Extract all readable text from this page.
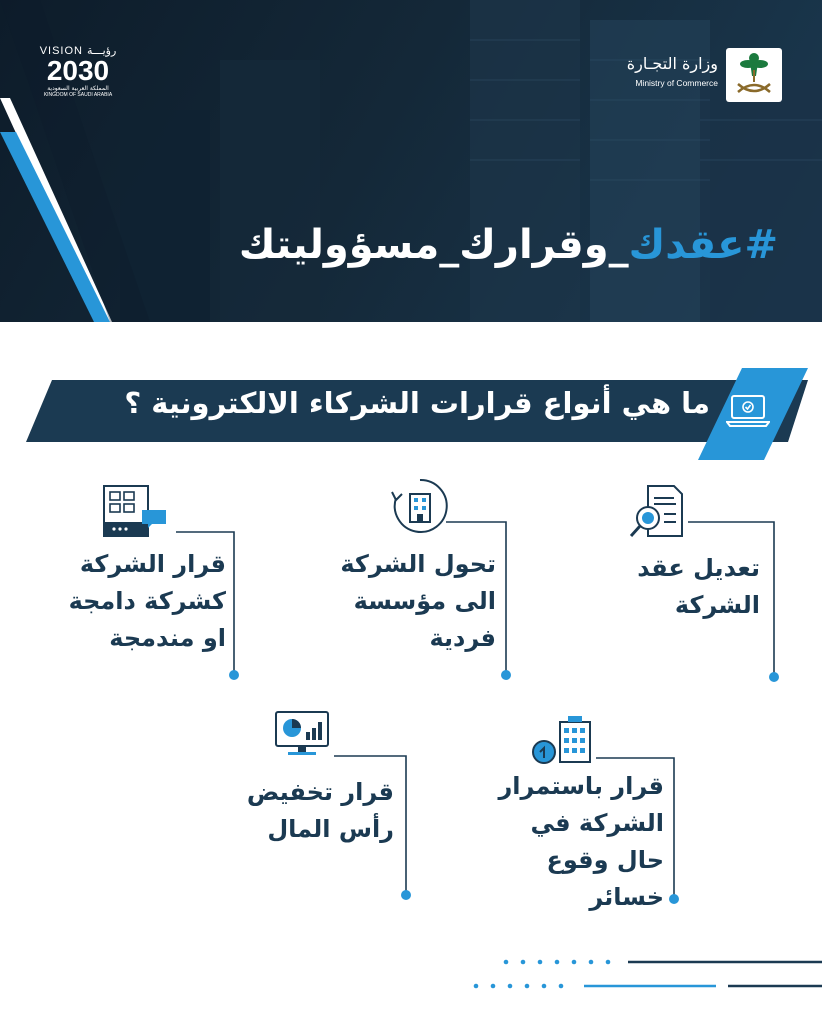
VISION رؤيـــة
2030
المملكة العربية السعودية
KINGDOM OF SAUDI ARABIA
وزارة التجـارة
Ministry of Commerce
#عقدك_وقرارك_مسؤوليتك
ما هي أنواع قرارات الشركاء الالكترونية ؟
تعديل عقد
الشركة
تحول الشركة
الى مؤسسة
فردية
قرار الشركة
كشركة دامجة
او مندمجة
قرار باستمرار
الشركة في
حال وقوع
خسائر
قرار تخفيض
رأس المال
